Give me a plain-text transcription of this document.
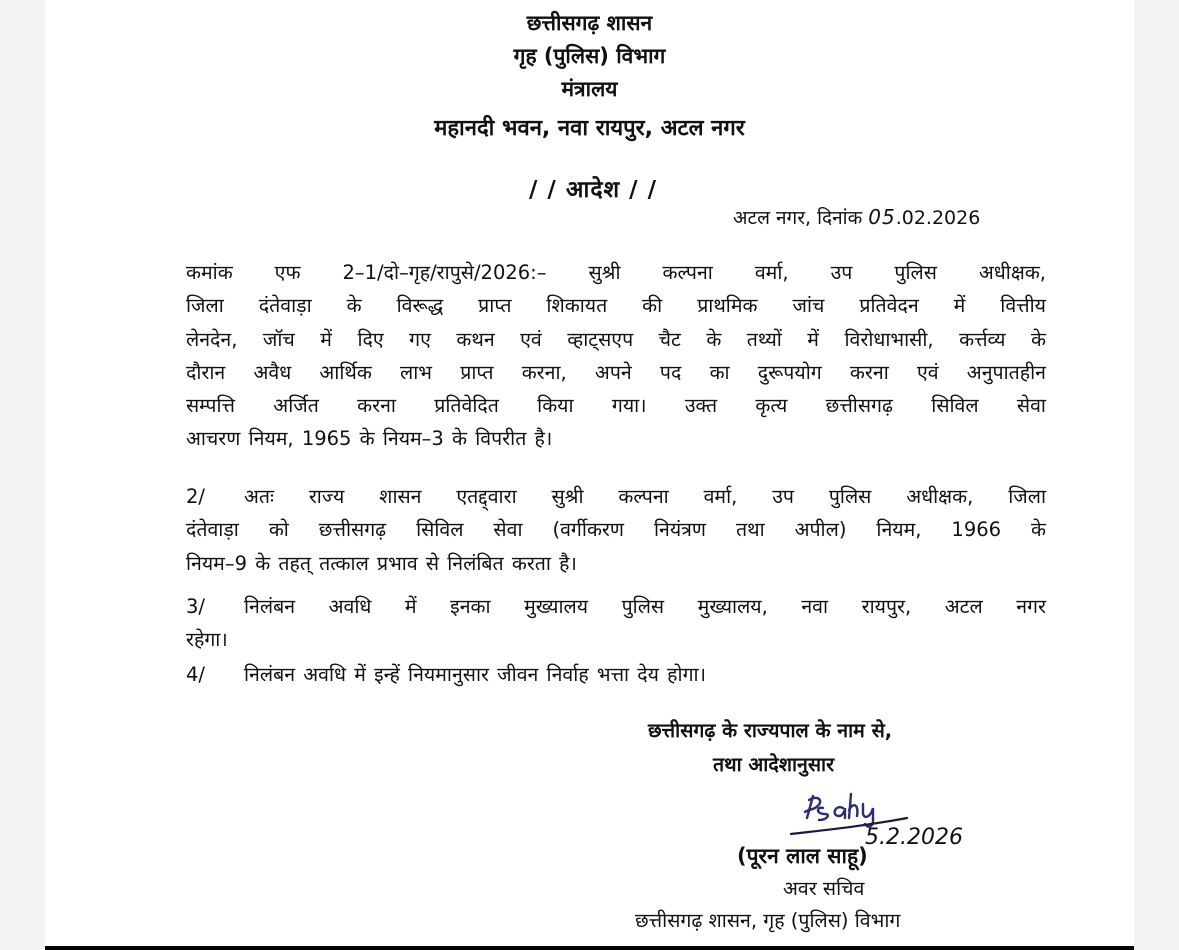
छत्तीसगढ़ शासन
गृह (पुलिस) विभाग
मंत्रालय
महानदी भवन, नवा रायपुर, अटल नगर
/ / आदेश / /
अटल नगर, दिनांक 05.02.2026
कमांक एफ 2–1/दो–गृह/रापुसे/2026:– सुश्री कल्पना वर्मा, उप पुलिस अधीक्षक,
जिला दंतेवाड़ा के विरूद्ध प्राप्त शिकायत की प्राथमिक जांच प्रतिवेदन में वित्तीय
लेनदेन, जॉच में दिए गए कथन एवं व्हाट्सएप चैट के तथ्यों में विरोधाभासी, कर्त्तव्य के
दौरान अवैध आर्थिक लाभ प्राप्त करना, अपने पद का दुरूपयोग करना एवं अनुपातहीन
सम्पत्ति अर्जित करना प्रतिवेदित किया गया। उक्त कृत्य छत्तीसगढ़ सिविल सेवा
आचरण नियम, 1965 के नियम–3 के विपरीत है।
2/ अतः राज्य शासन एतद्द्वारा सुश्री कल्पना वर्मा, उप पुलिस अधीक्षक, जिला
दंतेवाड़ा को छत्तीसगढ़ सिविल सेवा (वर्गीकरण नियंत्रण तथा अपील) नियम, 1966 के
नियम–9 के तहत् तत्काल प्रभाव से निलंबित करता है।
3/ निलंबन अवधि में इनका मुख्यालय पुलिस मुख्यालय, नवा रायपुर, अटल नगर
रहेगा।
4/ निलंबन अवधि में इन्हें नियमानुसार जीवन निर्वाह भत्ता देय होगा।
छत्तीसगढ़ के राज्यपाल के नाम से,
तथा आदेशानुसार
5.2.2026
(पूरन लाल साहू)
अवर सचिव
छत्तीसगढ़ शासन, गृह (पुलिस) विभाग
